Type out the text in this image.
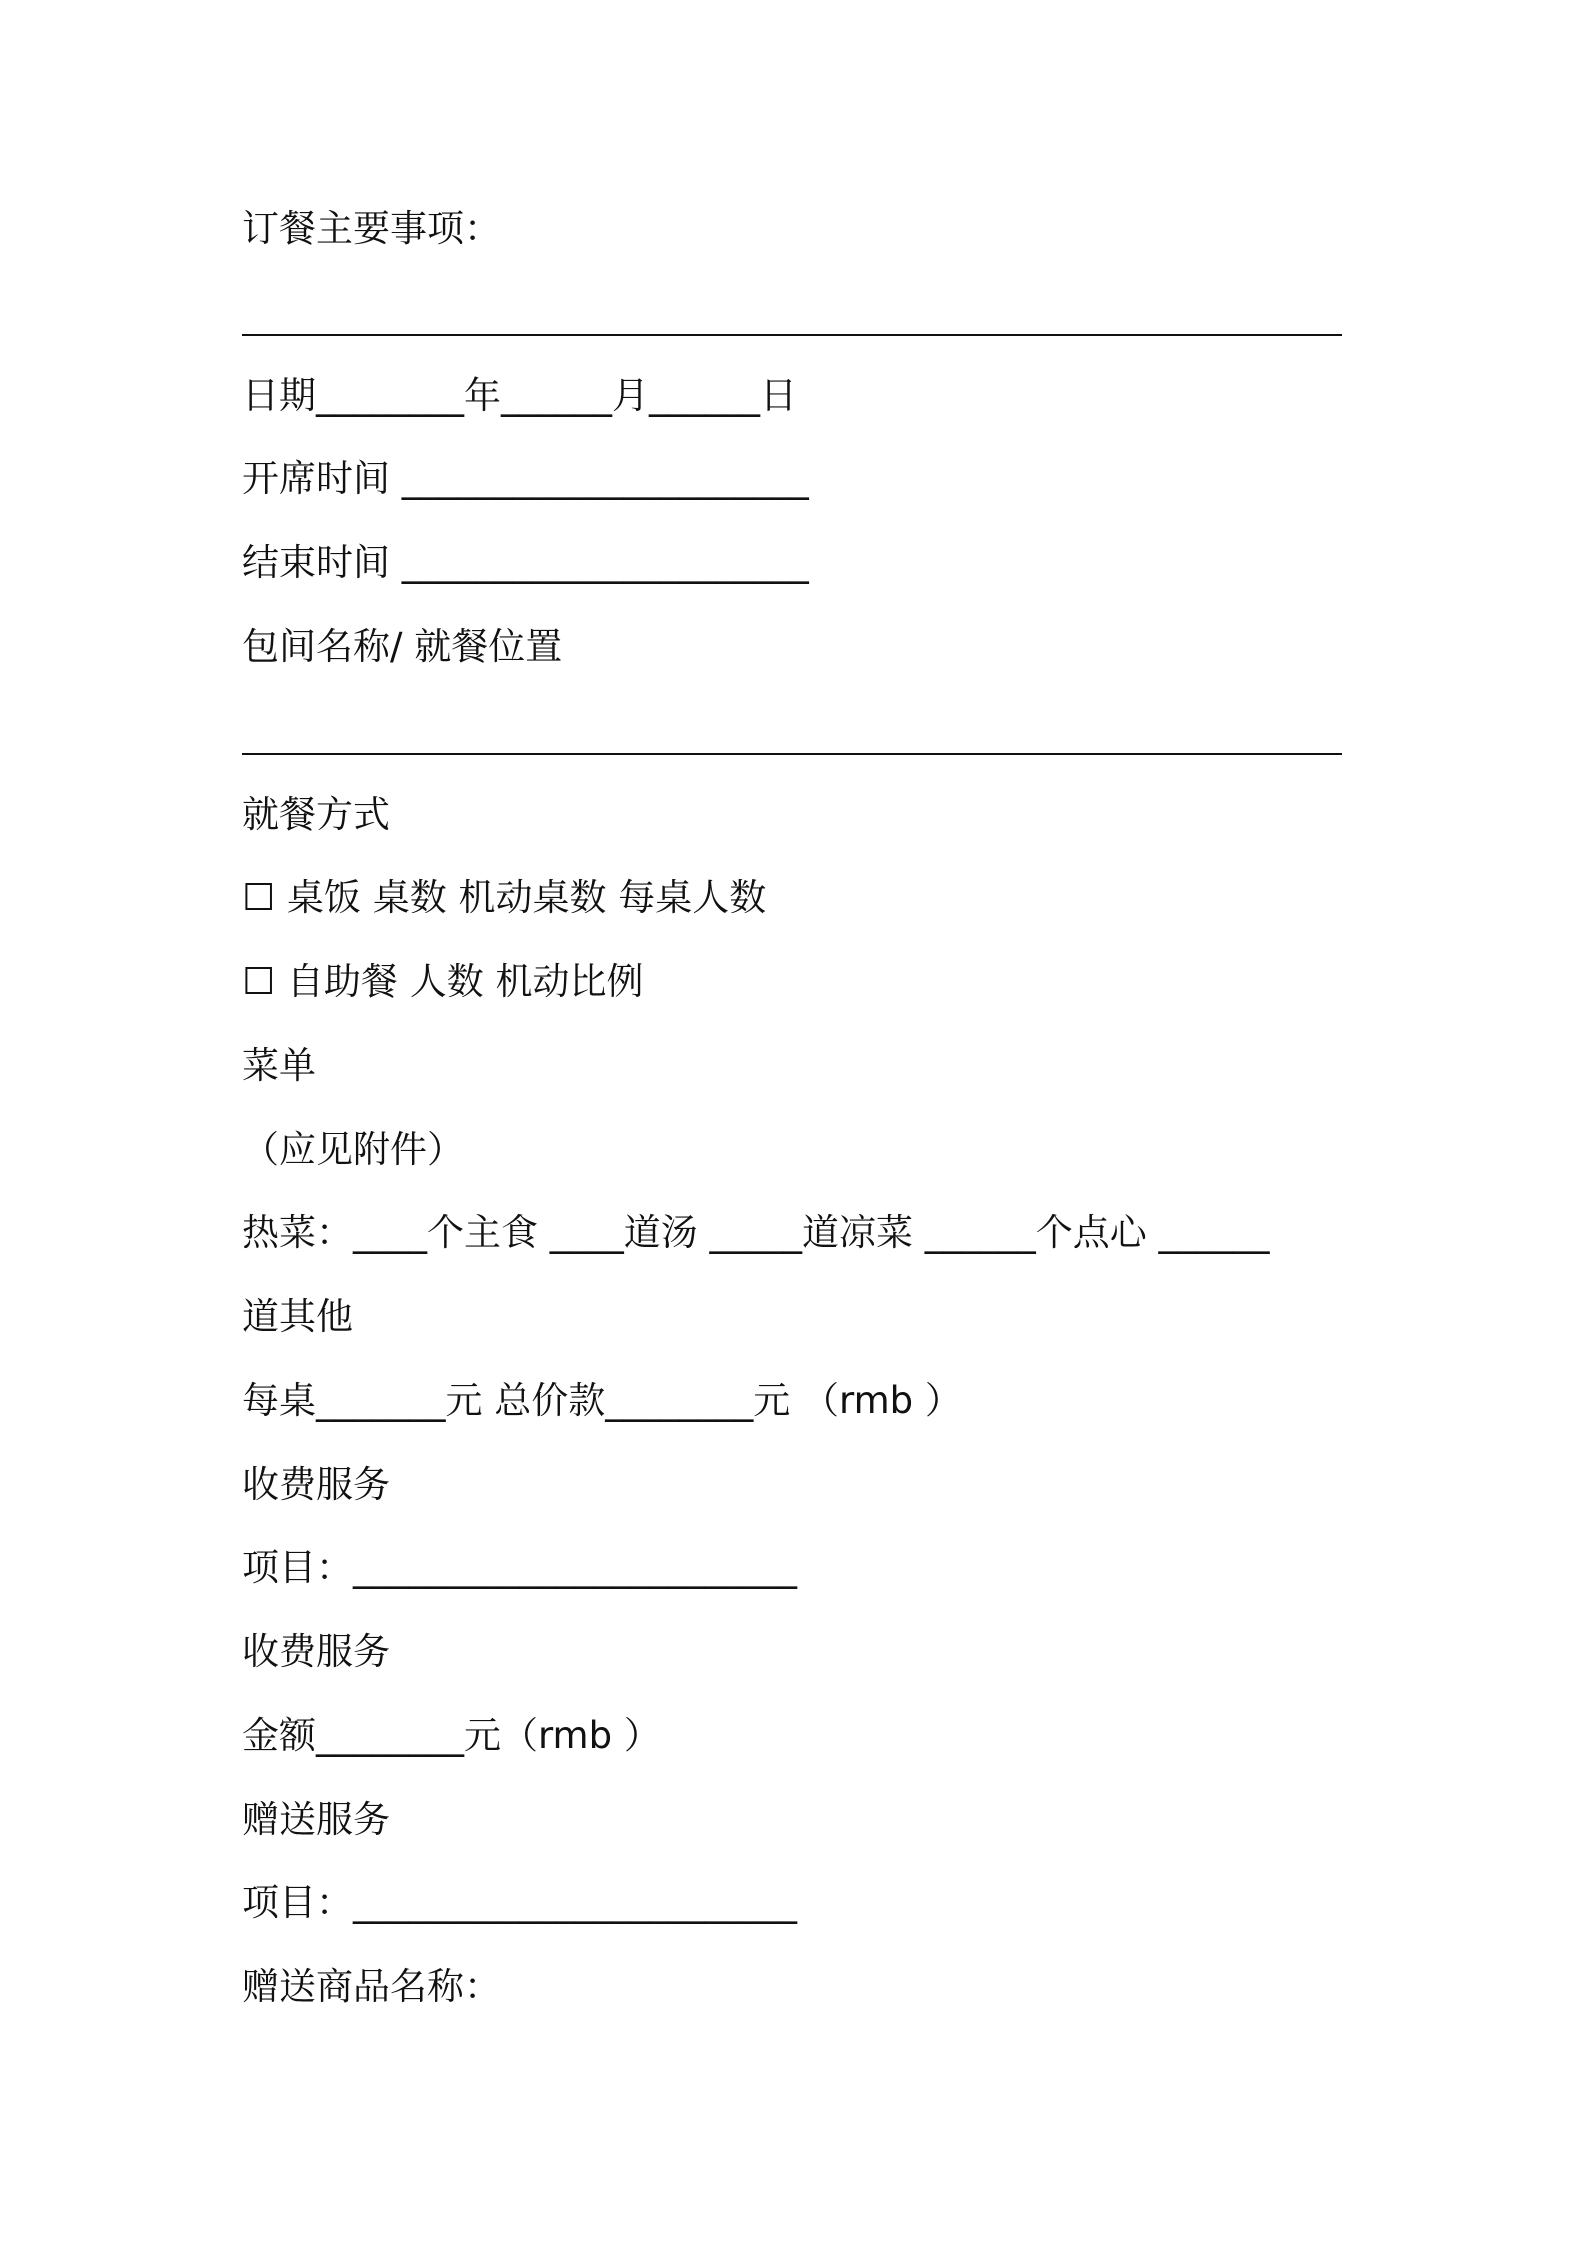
订餐主要事项：
日期________年______月______日
开席时间 ______________________
结束时间 ______________________
包间名称/ 就餐位置
就餐方式
☐ 桌饭 桌数 机动桌数 每桌人数
☐ 自助餐 人数 机动比例
菜单
（应见附件）
热菜：____个主食 ____道汤 _____道凉菜 ______个点心 ______
道其他
每桌_______元 总价款________元 （rmb ）
收费服务
项目：________________________
收费服务
金额________元（rmb ）
赠送服务
项目：________________________
赠送商品名称：
